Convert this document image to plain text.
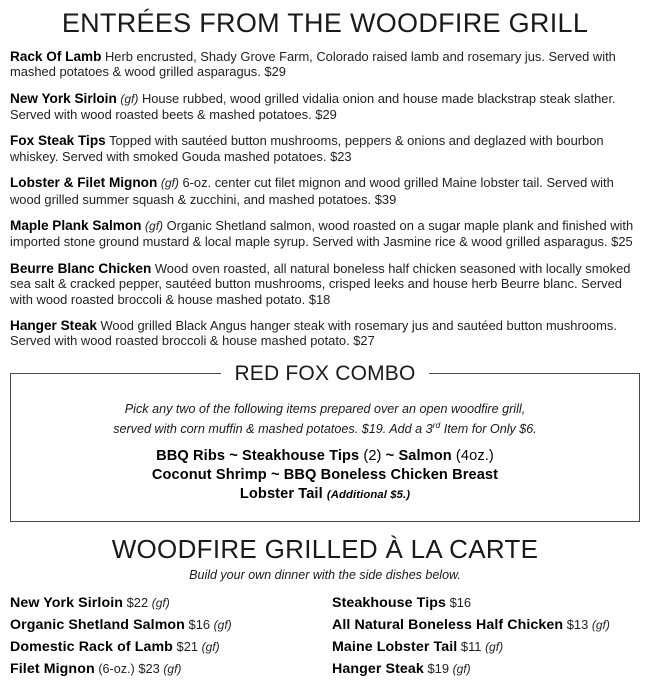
ENTRÉES FROM THE WOODFIRE GRILL

Rack Of Lamb Herb encrusted, Shady Grove Farm, Colorado raised lamb and rosemary jus. Served with mashed potatoes & wood grilled asparagus. $29

New York Sirloin (gf) House rubbed, wood grilled vidalia onion and house made blackstrap steak slather. Served with wood roasted beets & mashed potatoes. $29

Fox Steak Tips Topped with sautéed button mushrooms, peppers & onions and deglazed with bourbon whiskey. Served with smoked Gouda mashed potatoes. $23

Lobster & Filet Mignon (gf) 6-oz. center cut filet mignon and wood grilled Maine lobster tail. Served with wood grilled summer squash & zucchini, and mashed potatoes. $39

Maple Plank Salmon (gf) Organic Shetland salmon, wood roasted on a sugar maple plank and finished with imported stone ground mustard & local maple syrup. Served with Jasmine rice & wood grilled asparagus. $25

Beurre Blanc Chicken Wood oven roasted, all natural boneless half chicken seasoned with locally smoked sea salt & cracked pepper, sautéed button mushrooms, crisped leeks and house herb Beurre blanc. Served with wood roasted broccoli & house mashed potato. $18

Hanger Steak Wood grilled Black Angus hanger steak with rosemary jus and sautéed button mushrooms. Served with wood roasted broccoli & house mashed potato. $27

RED FOX COMBO

Pick any two of the following items prepared over an open woodfire grill,
served with corn muffin & mashed potatoes. $19. Add a 3rd Item for Only $6.

BBQ Ribs ~ Steakhouse Tips (2) ~ Salmon (4oz.)
Coconut Shrimp ~ BBQ Boneless Chicken Breast
Lobster Tail (Additional $5.)
WOODFIRE GRILLED À LA CARTE

Build your own dinner with the side dishes below.

New York Sirloin $22 (gf)
Organic Shetland Salmon $16 (gf)
Domestic Rack of Lamb $21 (gf)
Filet Mignon (6-oz.) $23 (gf)
Steakhouse Tips $16
All Natural Boneless Half Chicken $13 (gf)
Maine Lobster Tail $11 (gf)
Hanger Steak $19 (gf)
